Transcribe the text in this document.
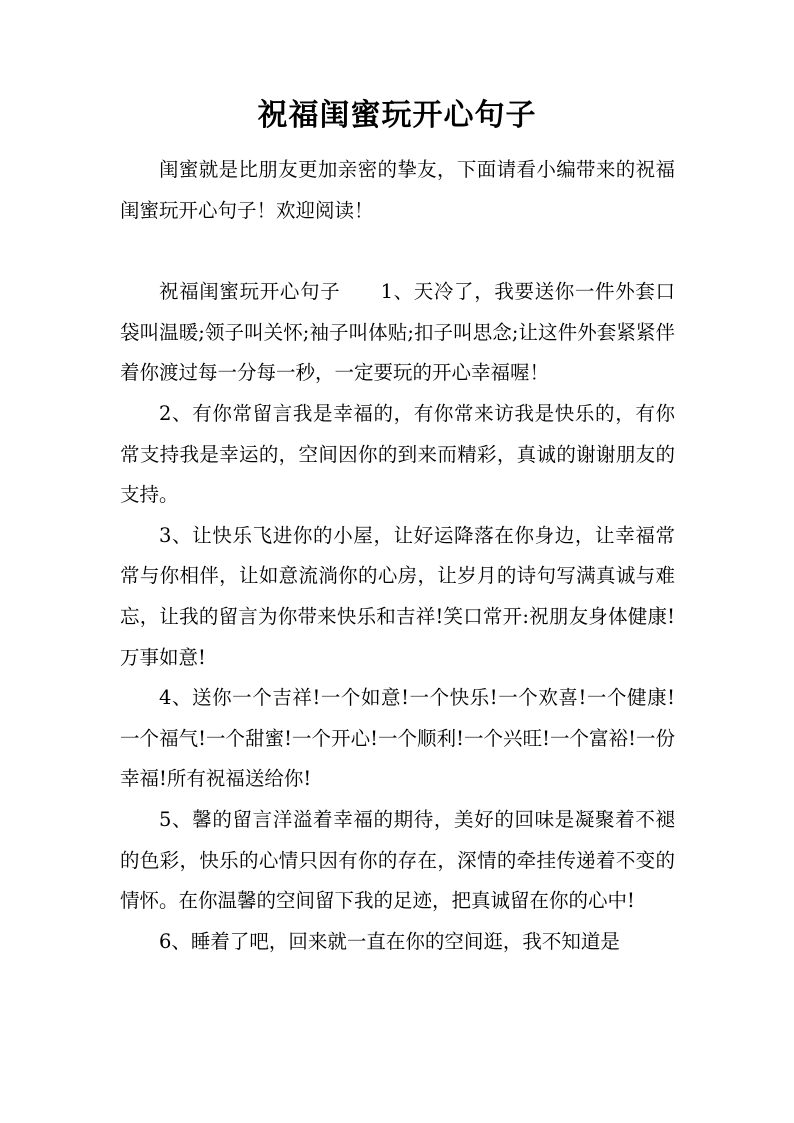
祝福闺蜜玩开心句子

闺蜜就是比朋友更加亲密的挚友，下面请看小编带来的祝福闺蜜玩开心句子！欢迎阅读！

祝福闺蜜玩开心句子　　1、天冷了，我要送你一件外套口袋叫温暖;领子叫关怀;袖子叫体贴;扣子叫思念;让这件外套紧紧伴着你渡过每一分每一秒，一定要玩的开心幸福喔！

2、有你常留言我是幸福的，有你常来访我是快乐的，有你常支持我是幸运的，空间因你的到来而精彩，真诚的谢谢朋友的支持。

3、让快乐飞进你的小屋，让好运降落在你身边，让幸福常常与你相伴，让如意流淌你的心房，让岁月的诗句写满真诚与难忘，让我的留言为你带来快乐和吉祥!笑口常开:祝朋友身体健康!万事如意!

4、送你一个吉祥!一个如意!一个快乐!一个欢喜!一个健康!一个福气!一个甜蜜!一个开心!一个顺利!一个兴旺!一个富裕!一份幸福!所有祝福送给你!

5、馨的留言洋溢着幸福的期待，美好的回味是凝聚着不褪的色彩，快乐的心情只因有你的存在，深情的牵挂传递着不变的情怀。在你温馨的空间留下我的足迹，把真诚留在你的心中!

6、睡着了吧，回来就一直在你的空间逛，我不知道是
